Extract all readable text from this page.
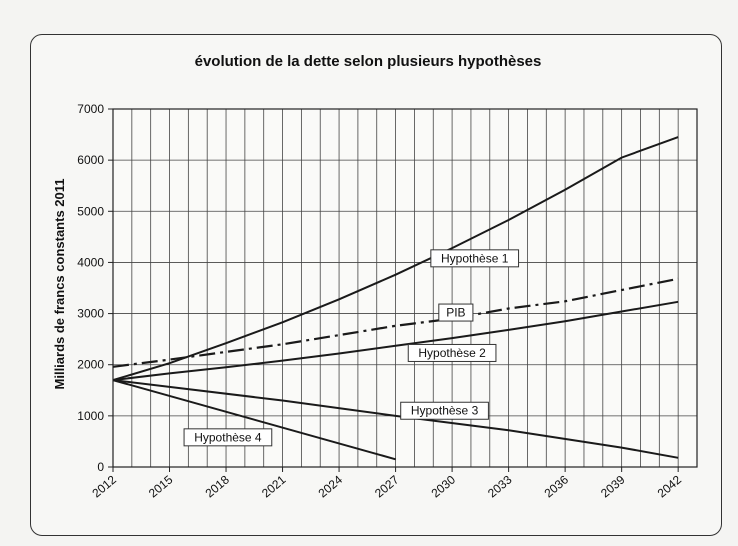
évolution de la dette selon plusieurs hypothèses
Milliards de francs constants 2011
0
1000
2000
3000
4000
5000
6000
7000
2012 2015 2018 2021 2024 2027 2030 2033 2036 2039 2042
Hypothèse 1
PIB
Hypothèse 2
Hypothèse 3
Hypothèse 4
